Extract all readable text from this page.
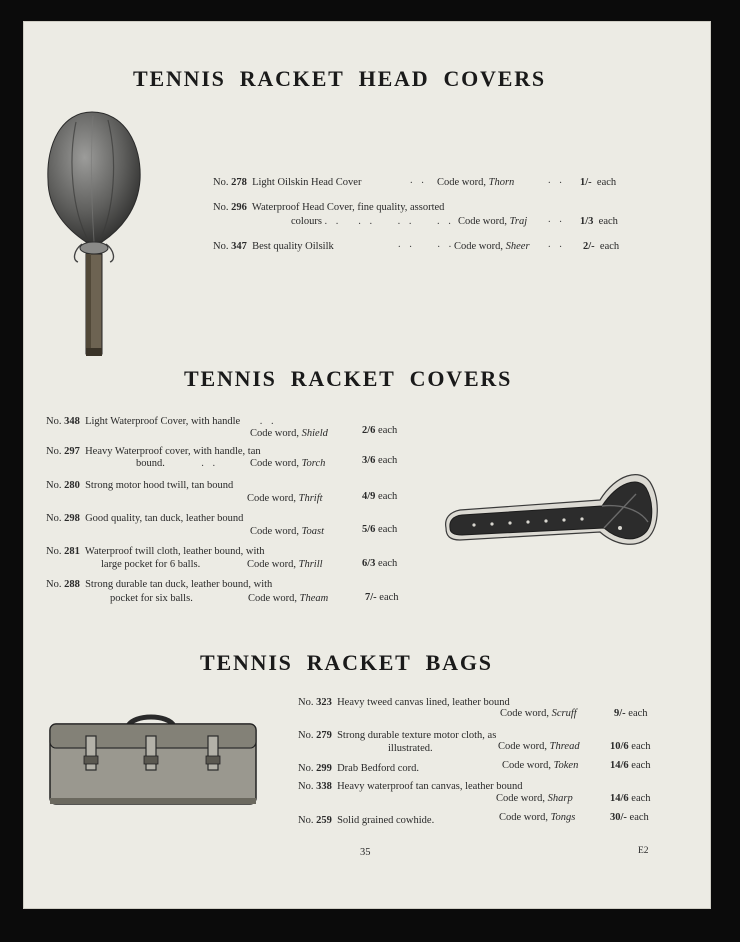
TENNIS RACKET HEAD COVERS
No. 278 Light Oilskin Head Cover	. . Code word, Thorn	. . 1/- each
No. 296 Waterproof Head Cover, fine quality, assorted
colours . .   . .    . .    . . Code word, Traj . . 1/3 each
No. 347 Best quality Oilsilk	. .    . . Code word, Sheer . . 2/- each
TENNIS RACKET COVERS
No. 348 Light Waterproof Cover, with handle    . .
Code word, Shield	2/6 each
No. 297 Heavy Waterproof cover, with handle, tan
bound.       . .	Code word, Torch	3/6 each
No. 280 Strong motor hood twill, tan bound
Code word, Thrift	4/9 each
No. 298 Good quality, tan duck, leather bound
Code word, Toast	5/6 each
No. 281 Waterproof twill cloth, leather bound, with
large pocket for 6 balls.	Code word, Thrill	6/3 each
No. 288 Strong durable tan duck, leather bound, with
pocket for six balls.	Code word, Theam	7/- each
TENNIS RACKET BAGS
No. 323 Heavy tweed canvas lined, leather bound
Code word, Scruff	9/- each
No. 279 Strong durable texture motor cloth, as
illustrated.	Code word, Thread	10/6 each
No. 299 Drab Bedford cord.	Code word, Token	14/6 each
No. 338 Heavy waterproof tan canvas, leather bound
Code word, Sharp	14/6 each
No. 259 Solid grained cowhide.	Code word, Tongs	30/- each
35	E2
